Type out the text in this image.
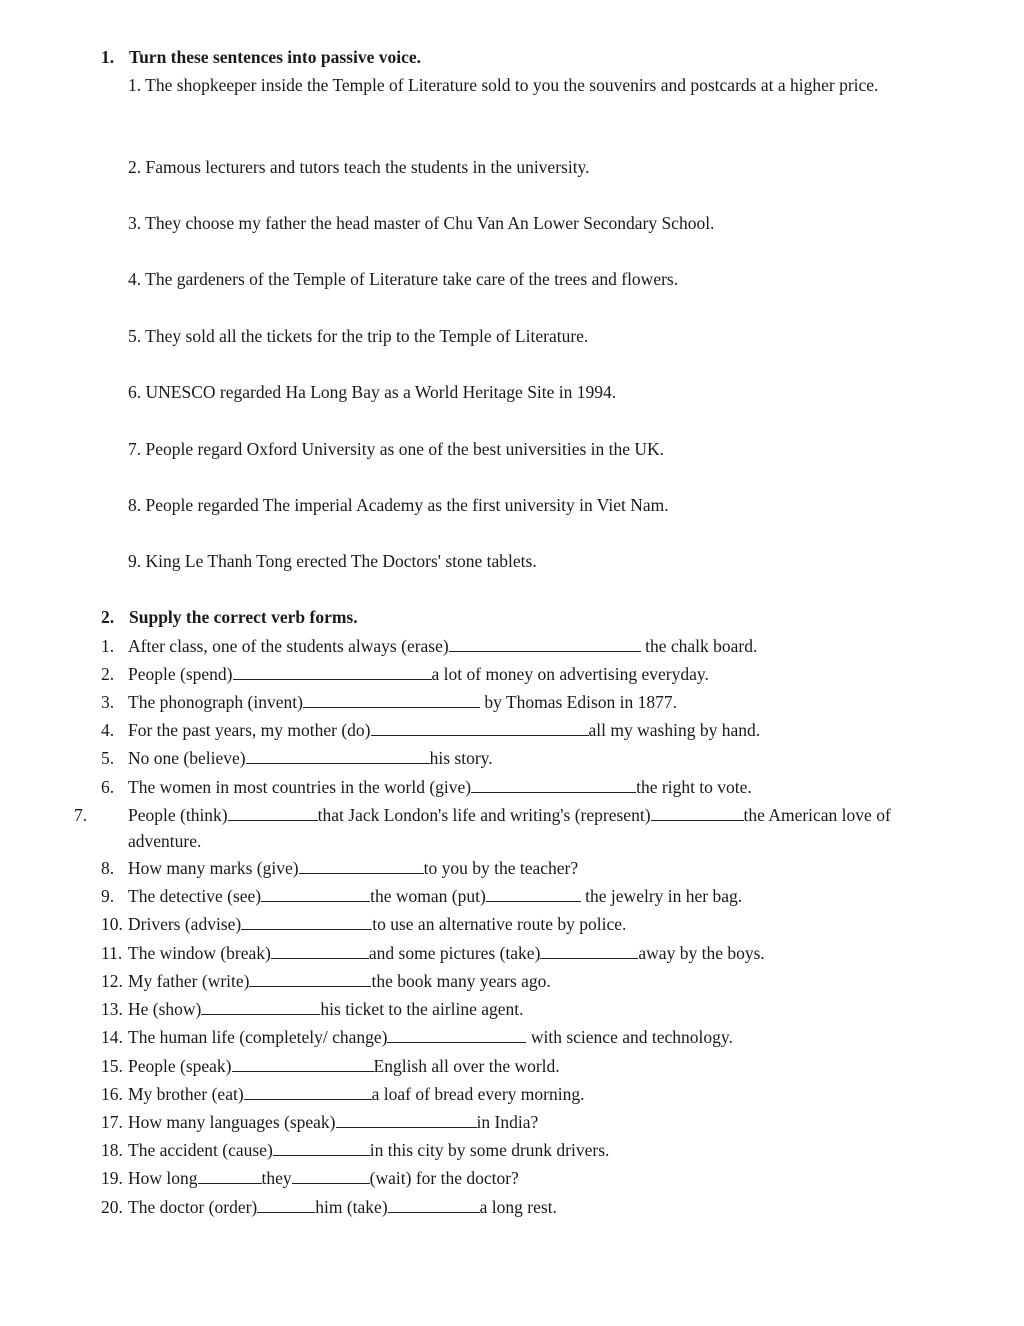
1. Turn these sentences into passive voice.
1. The shopkeeper inside the Temple of Literature sold to you the souvenirs and postcards at a higher price.
2. Famous lecturers and tutors teach the students in the university.
3. They choose my father the head master of Chu Van An Lower Secondary School.
4. The gardeners of the Temple of Literature take care of the trees and flowers.
5. They sold all the tickets for the trip to the Temple of Literature.
6. UNESCO regarded Ha Long Bay as a World Heritage Site in 1994.
7. People regard Oxford University as one of the best universities in the UK.
8. People regarded The imperial Academy as the first university in Viet Nam.
9. King Le Thanh Tong erected The Doctors' stone tablets.
2. Supply the correct verb forms.
1. After class, one of the students always (erase)	the chalk board.
2. People (spend)	a lot of money on advertising everyday.
3. The phonograph (invent)	by Thomas Edison in 1877.
4. For the past years, my mother (do)	all my washing by hand.
5. No one (believe)	his story.
6. The women in most countries in the world (give)	the right to vote.
7. People (think)	that Jack London's life and writing's (represent)	the American love of adventure.
8. How many marks (give)	to you by the teacher?
9. The detective (see)	the woman (put)	the jewelry in her bag.
10. Drivers (advise)	to use an alternative route by police.
11. The window (break)	and some pictures (take)	away by the boys.
12. My father (write)	the book many years ago.
13. He (show)	his ticket to the airline agent.
14. The human life (completely/ change)	with science and technology.
15. People (speak)	English all over the world.
16. My brother (eat)	a loaf of bread every morning.
17. How many languages (speak)	in India?
18. The accident (cause)	in this city by some drunk drivers.
19. How long	they	(wait) for the doctor?
20. The doctor (order)	him (take)	a long rest.
